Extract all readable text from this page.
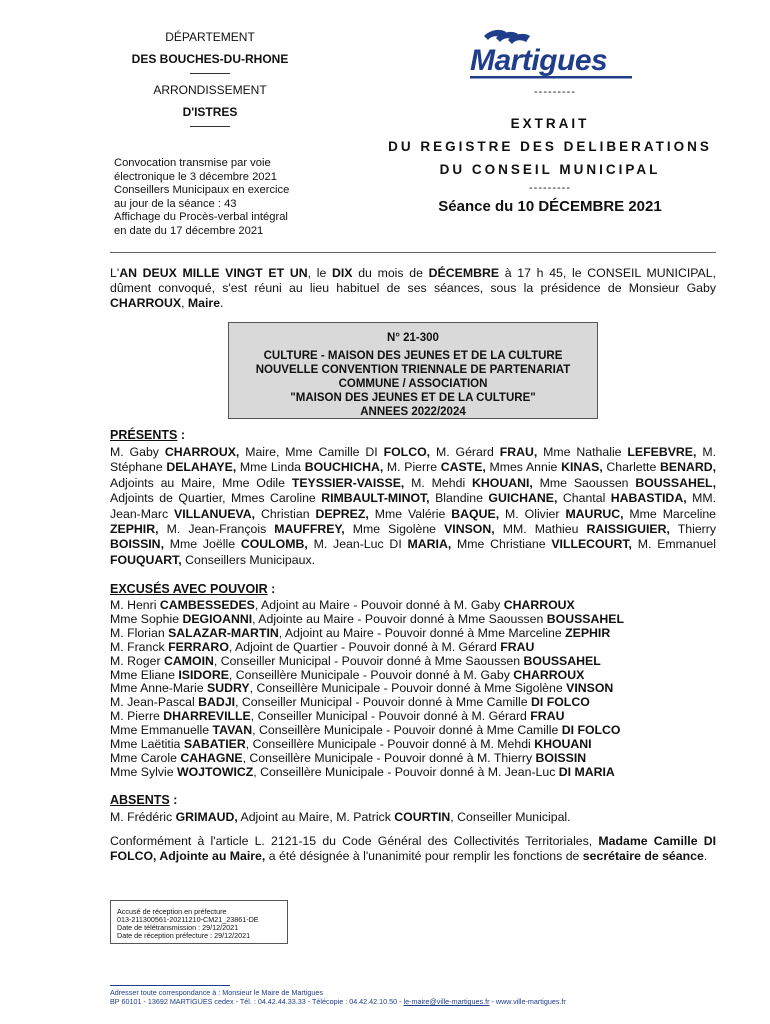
DÉPARTEMENT
DES BOUCHES-DU-RHONE
ARRONDISSEMENT
D'ISTRES
Convocation transmise par voie
électronique le 3 décembre 2021
Conseillers Municipaux en exercice
au jour de la séance : 43
Affichage du Procès-verbal intégral
en date du 17 décembre 2021
Martigues
---------
EXTRAIT
DU REGISTRE DES DELIBERATIONS
DU CONSEIL MUNICIPAL
---------
Séance du 10 DÉCEMBRE 2021
L'AN DEUX MILLE VINGT ET UN, le DIX du mois de DÉCEMBRE à 17 h 45, le CONSEIL MUNICIPAL, dûment convoqué, s'est réuni au lieu habituel de ses séances, sous la présidence de Monsieur Gaby CHARROUX, Maire.
N° 21-300
CULTURE - MAISON DES JEUNES ET DE LA CULTURE
NOUVELLE CONVENTION TRIENNALE DE PARTENARIAT
COMMUNE / ASSOCIATION
"MAISON DES JEUNES ET DE LA CULTURE"
ANNEES 2022/2024
PRÉSENTS :
M. Gaby CHARROUX, Maire, Mme Camille DI FOLCO, M. Gérard FRAU, Mme Nathalie LEFEBVRE, M. Stéphane DELAHAYE, Mme Linda BOUCHICHA, M. Pierre CASTE, Mmes Annie KINAS, Charlette BENARD, Adjoints au Maire, Mme Odile TEYSSIER-VAISSE, M. Mehdi KHOUANI, Mme Saoussen BOUSSAHEL, Adjoints de Quartier, Mmes Caroline RIMBAULT-MINOT, Blandine GUICHANE, Chantal HABASTIDA, MM. Jean-Marc VILLANUEVA, Christian DEPREZ, Mme Valérie BAQUE, M. Olivier MAURUC, Mme Marceline ZEPHIR, M. Jean-François MAUFFREY, Mme Sigolène VINSON, MM. Mathieu RAISSIGUIER, Thierry BOISSIN, Mme Joëlle COULOMB, M. Jean-Luc DI MARIA, Mme Christiane VILLECOURT, M. Emmanuel FOUQUART, Conseillers Municipaux.
EXCUSÉS AVEC POUVOIR :
M. Henri CAMBESSEDES, Adjoint au Maire - Pouvoir donné à M. Gaby CHARROUX
Mme Sophie DEGIOANNI, Adjointe au Maire - Pouvoir donné à Mme Saoussen BOUSSAHEL
M. Florian SALAZAR-MARTIN, Adjoint au Maire - Pouvoir donné à Mme Marceline ZEPHIR
M. Franck FERRARO, Adjoint de Quartier - Pouvoir donné à M. Gérard FRAU
M. Roger CAMOIN, Conseiller Municipal - Pouvoir donné à Mme Saoussen BOUSSAHEL
Mme Eliane ISIDORE, Conseillère Municipale - Pouvoir donné à M. Gaby CHARROUX
Mme Anne-Marie SUDRY, Conseillère Municipale - Pouvoir donné à Mme Sigolène VINSON
M. Jean-Pascal BADJI, Conseiller Municipal - Pouvoir donné à Mme Camille DI FOLCO
M. Pierre DHARREVILLE, Conseiller Municipal - Pouvoir donné à M. Gérard FRAU
Mme Emmanuelle TAVAN, Conseillère Municipale - Pouvoir donné à Mme Camille DI FOLCO
Mme Laëtitia SABATIER, Conseillère Municipale - Pouvoir donné à M. Mehdi KHOUANI
Mme Carole CAHAGNE, Conseillère Municipale - Pouvoir donné à M. Thierry BOISSIN
Mme Sylvie WOJTOWICZ, Conseillère Municipale - Pouvoir donné à M. Jean-Luc DI MARIA
ABSENTS :
M. Frédéric GRIMAUD, Adjoint au Maire, M. Patrick COURTIN, Conseiller Municipal.
Conformément à l'article L. 2121-15 du Code Général des Collectivités Territoriales, Madame Camille DI FOLCO, Adjointe au Maire, a été désignée à l'unanimité pour remplir les fonctions de secrétaire de séance.
Accusé de réception en préfecture
013-211300561-20211210-CM21_23861-DE
Date de télétransmission : 29/12/2021
Date de réception préfecture : 29/12/2021
Adresser toute correspondance à : Monsieur le Maire de Martigues
BP 60101 - 13692 MARTIGUES cedex - Tél. : 04.42.44.33.33 - Télécopie : 04.42.42.10.50 - le-maire@ville-martigues.fr - www.ville-martigues.fr
